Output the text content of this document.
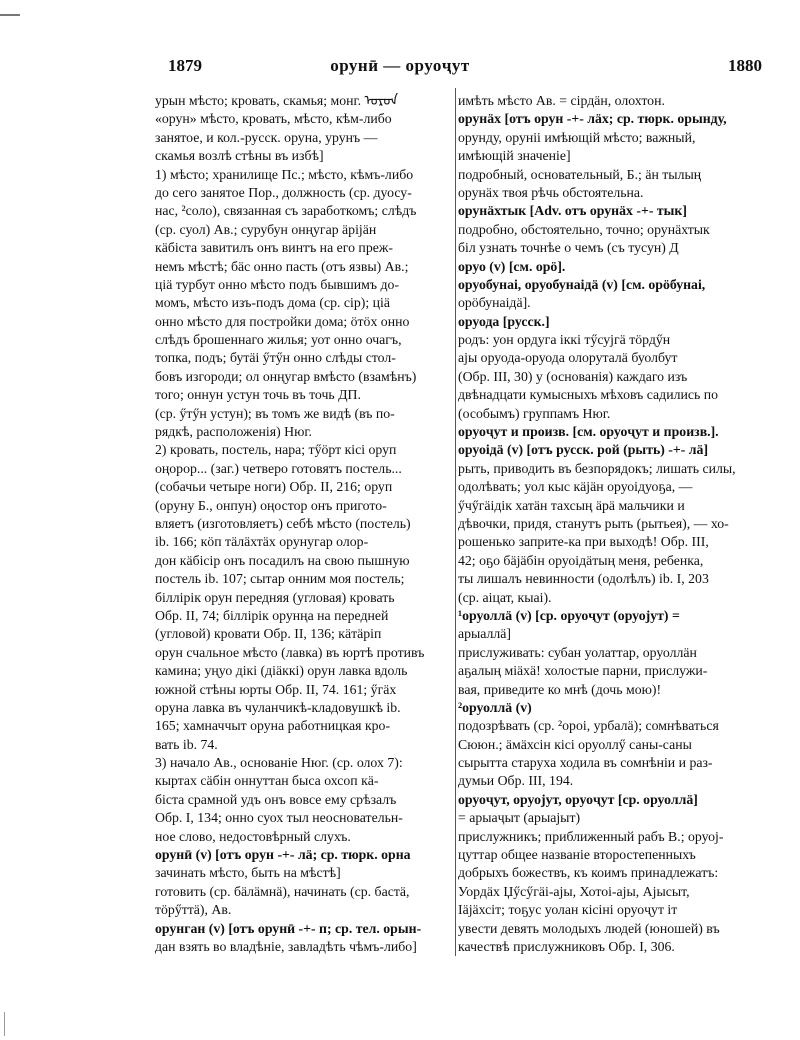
1879	орунӣ — оруоҷут	1880
урын мѣсто; кровать, скамья; монг. ᠣᠷᠣᠨ
«орун» мѣсто, кровать, мѣсто, кѣм-либо
занятое, и кол.-русск. оруна, урунъ —
скамья возлѣ стѣны въ избѣ]
1) мѣсто; хранилище Пс.; мѣсто, кѣмъ-либо
до сего занятое Пор., должность (ср. дуосу-
нас, ²соло), связанная съ заработкомъ; слѣдъ
(ср. суол) Ав.; сурубун онңугар ӓріjӓн
кӓбіста завитилъ онъ винтъ на его преж-
немъ мѣстѣ; бӓс онно пасть (отъ язвы) Ав.;
ціӓ турбут онно мѣсто подъ бывшимъ до-
момъ, мѣсто изъ-подъ дома (ср. сір); ціӓ
онно мѣсто для постройки дома; ӧтӧх онно
слѣдъ брошеннаго жилья; уот онно очагъ,
топка, подъ; бутӓі ӳтӳн онно слѣды стол-
бовъ изгороди; ол онңугар вмѣсто (взамѣнъ)
того; оннун устун точь въ точь ДП.
(ср. ӳтӳн устун); въ томъ же видѣ (въ по-
рядкѣ, расположенія) Нюг.
2) кровать, постель, нара; тӳӧрт кісі оруп
оңорор... (заг.) четверо готовятъ постель...
(собачьи четыре ноги) Обр. II, 216; оруп
(оруну Б., онпун) оңостор онъ пригото-
вляетъ (изготовляетъ) себѣ мѣсто (постель)
ib. 166; кӧп тӓлӓхтӓх орунугар олор-
дон кӓбісір онъ посадилъ на свою пышную
постель ib. 107; сытар онним моя постель;
біллірік орун передняя (угловая) кровать
Обр. II, 74; біллірік орунңа на передней
(угловой) кровати Обр. II, 136; кӓтӓріп
орун счальное мѣсто (лавка) въ юртѣ противъ
камина; уңуо дікі (діӓккі) орун лавка вдоль
южной стѣны юрты Обр. II, 74. 161; ӳгӓх
оруна лавка въ чуланчикѣ-кладовушкѣ ib.
165; хамначчыт оруна работницкая кро-
вать ib. 74.
3) начало Ав., основаніе Нюг. (ср. олох 7):
кыртах сӓбін оннуттан быса охсоп кӓ-
біста срамной удъ онъ вовсе ему срѣзалъ
Обр. I, 134; онно суох тыл неосновательн-
ное слово, недостовѣрный слухъ.
орунӣ (v) [отъ орун -+- лӓ; ср. тюрк. орна
зачинать мѣсто, быть на мѣстѣ]
готовить (ср. бӓлӓмнӓ), начинать (ср. бастӓ,
тӧрӳттӓ), Ав.
орунган (v) [отъ орунӣ -+- п; ср. тел. орын-
дан взять во владѣніе, завладѣть чѣмъ-либо]
имѣть мѣсто Ав. = сірдӓн, олохтон.
орунӓх [отъ орун -+- лӓх; ср. тюрк. орынду,
орунду, оруніі имѣющій мѣсто; важный,
имѣющій значеніе]
подробный, основательный, Б.; ӓн тылың
орунӓх твоя рѣчь обстоятельна.
орунӓхтык [Adv. отъ орунӓх -+- тык]
подробно, обстоятельно, точно; орунӓхтык
біл узнать точнѣе о чемъ (съ тусун) Д
оруо (v) [см. орӧ].
оруобунаі, оруобунаідӓ (v) [см. орӧбунаі,
орӧбунаідӓ].
оруода [русск.]
родъ: уон ордуга іккі тӳсуjгӓ тӧрдӳн
аjы оруода-оруода олоруталӓ буолбут
(Обр. III, 30) у (основанія) каждаго изъ
двѣнадцати кумысныхъ мѣховъ садились по
(особымъ) группамъ Нюг.
оруоҷут и произв. [см. оруоҷут и произв.].
оруоідӓ (v) [отъ русск. рой (рыть) -+- лӓ]
рыть, приводить въ безпорядокъ; лишать силы,
одолѣвать; уол кыс кӓjӓн оруоідуоҕа, —
ӳчӳгӓідік хатӓн тахсың ӓрӓ мальчики и
дѣвочки, придя, станутъ рыть (рытьея), — хо-
рошенько заприте-ка при выходѣ! Обр. III,
42; оҕо бӓjӓбін оруоідӓтың меня, ребенка,
ты лишалъ невинности (одолѣлъ) ib. I, 203
(ср. аіцат, кыаі).
¹оруоллӓ (v) [ср. оруоҷут (оруоjут) =
арыаллӓ]
прислуживать: субан уолаттар, оруоллӓн
аҕалың міӓхӓ! холостые парни, прислужи-
вая, приведите ко мнѣ (дочь мою)!
²оруоллӓ (v)
подозрѣвать (ср. ²ороі, урбалӓ); сомнѣваться
Сююн.; ӓмӓхсін кісі оруоллӳ саны-саны
сырытта старуха ходила въ сомнѣніи и раз-
думьи Обр. III, 194.
оруоҷут, оруоjут, оруоҷут [ср. оруоллӓ]
= арыаҷыт (арыаjыт)
прислужникъ; приближенный рабъ В.; оруоj-
цуттар общее названіе второстепенныхъ
добрыхъ божествъ, къ коимъ принадлежатъ:
Уордӓх Џӳсӳгӓі-аjы, Хотоі-аjы, Аjыcыт,
Іӓjӓхсіт; тоҕус уолан кісіні оруоҷут іт
увести девять молодыхъ людей (юношей) въ
качествѣ прислужниковъ Обр. I, 306.
